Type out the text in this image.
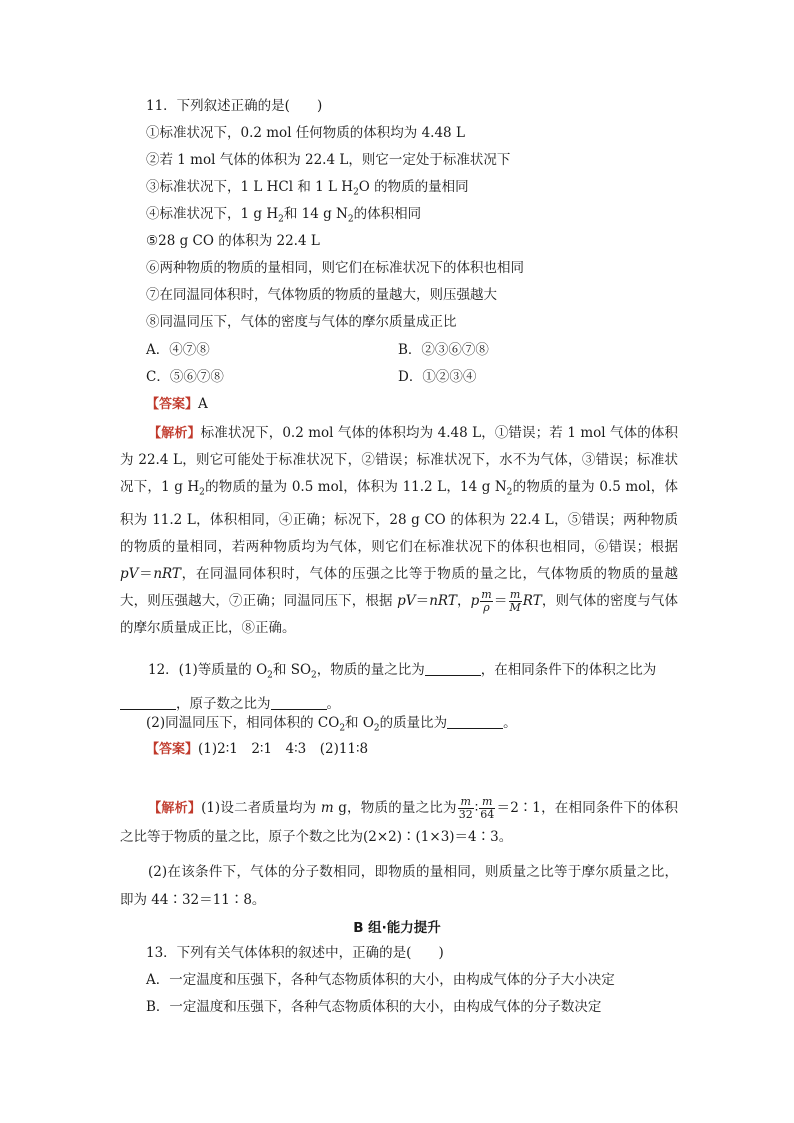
11．下列叙述正确的是(　　)
①标准状况下，0.2 mol 任何物质的体积均为 4.48 L
②若 1 mol 气体的体积为 22.4 L，则它一定处于标准状况下
③标准状况下，1 L HCl 和 1 L $H_2O$ 的物质的量相同
④标准状况下，1 g $H_2$和 14 g $N_2$的体积相同
⑤28 g CO 的体积为 22.4 L
⑥两种物质的物质的量相同，则它们在标准状况下的体积也相同
⑦在同温同体积时，气体物质的物质的量越大，则压强越大
⑧同温同压下，气体的密度与气体的摩尔质量成正比
A．④⑦⑧	B．②③⑥⑦⑧
C．⑤⑥⑦⑧	D．①②③④
【答案】A
【解析】标准状况下，0.2 mol 气体的体积均为 4.48 L，①错误；若 1 mol 气体的体积为 22.4 L，则它可能处于标准状况下，②错误；标准状况下，水不为气体，③错误；标准状况下，1 g $H_2$的物质的量为 0.5 mol，体积为 11.2 L，14 g $N_2$的物质的量为 0.5 mol，体积为 11.2 L，体积相同，④正确；标况下，28 g CO 的体积为 22.4 L，⑤错误；两种物质的物质的量相同，若两种物质均为气体，则它们在标准状况下的体积也相同，⑥错误；根据 pV＝nRT，在同温同体积时，气体的压强之比等于物质的量之比，气体物质的物质的量越大，则压强越大，⑦正确；同温同压下，根据 pV＝nRT，p $\frac{m}{\rho} = \frac{m}{M}$ RT，则气体的密度与气体的摩尔质量成正比，⑧正确。
12．(1)等质量的 $O_2$和 $SO_2$，物质的量之比为	，在相同条件下的体积之比为
，原子数之比为	。
(2)同温同压下，相同体积的 $CO_2$和 $O_2$的质量比为	。
【答案】(1)2∶1　2∶1　4∶3　(2)11∶8
【解析】(1)设二者质量均为 m g，物质的量之比为 $\frac{m}{32}$ ∶ $\frac{m}{64}$ ＝2∶1，在相同条件下的体积之比等于物质的量之比，原子个数之比为(2×2)∶(1×3)＝4∶3。
(2)在该条件下，气体的分子数相同，即物质的量相同，则质量之比等于摩尔质量之比，即为 44∶32＝11∶8。
B 组·能力提升
13．下列有关气体体积的叙述中，正确的是(　　)
A．一定温度和压强下，各种气态物质体积的大小，由构成气体的分子大小决定
B．一定温度和压强下，各种气态物质体积的大小，由构成气体的分子数决定
